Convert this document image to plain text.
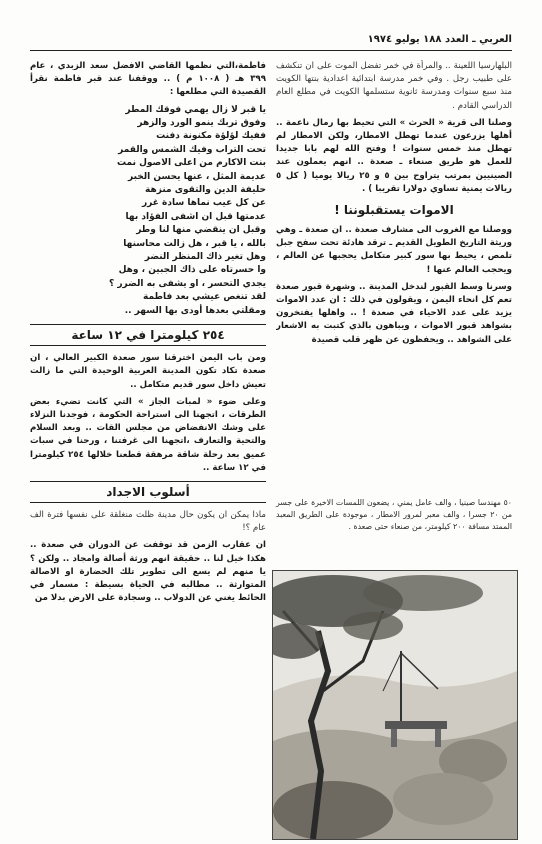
العربي ـ العدد ١٨٨ يوليو ١٩٧٤

البلهارسيا اللعينة .. والمرأة في خمر تفضل الموت على ان تنكشف على طبيب رجل . وفي خمر مدرسة ابتدائية اعدادية بنتها الكويت منذ سبع سنوات ومدرسة ثانوية ستسلمها الكويت في مطلع العام الدراسي القادم .

وصلنا الى قرية « الحرث » التي تحيط بها رمال ناعمة .. أهلها يزرعون عندما تهطل الامطار، ولكن الامطار لم تهطل منذ خمس سنوات ! وفتح الله لهم بابا جديدا للعمل هو طريق صنعاء ـ صعدة .. انهم يعملون عند الصينيين بمرتب يتراوح بين ٥ و ٢٥ ريالا يوميا ( كل ٥ ريالات يمنية تساوي دولارا تقريبا ) .

الاموات يستقبلوننا !

ووصلنا مع الغروب الى مشارف صعدة .. ان صعدة ـ وهي وريثة التاريخ الطويل القديم ـ ترقد هادئة تحت سفح جبل تلمص ، يحيط بها سور كبير متكامل يحجبها عن العالم ، ويحجب العالم عنها !

وسرنا وسط القبور لندخل المدينة .. وشهرة قبور صعدة تعم كل انحاء اليمن ، ويقولون في ذلك : ان عدد الاموات يزيد على عدد الاحياء في صعدة ! .. واهلها يفتخرون بشواهد قبور الاموات ، ويباهون بالذي كتبت به الاشعار على الشواهد .. ويحفظون عن ظهر قلب قصيدة

٥٠ مهندسا صينيا ، والف عامل يمني ، يضعون اللمسات الاخيرة على جسر من ٢٠ جسرا ، والف معبر لمرور الامطار ، موجودة على الطريق المعبد الممتد مسافة ٢٠٠ كيلومتر، من صنعاء حتى صعدة .

فاطمة،التي نظمها القاضي الافضل سعد الزبدي ، عام ٣٩٩ هـ ( ١٠٠٨ م ) .. ووقفنا عند قبر فاطمة نقرأ القصيدة التي مطلعها :

يا قبر لا زال يهمي فوقك المطر

وفوق تربك ينمو الورد والزهر

ففيك لؤلؤة مكنونة دفنت

تحت التراب وفيك الشمس والقمر

بنت الاكارم من اعلى الاصول نمت

عديمة المثل ، عنها يحسن الخبر

حليفة الدين والتقوى منزهة

عن كل عيب نماها سادة غرر

عدمتها قبل ان اشفى الفؤاد بها

وقبل ان ينقضي منها لنا وطر

بالله ، يا قبر ، هل زالت محاسنها

وهل تغير ذاك المنظر النضر

وا حسرتاه على ذاك الجبين ، وهل

يجدي التحسر ، او يشفى به الضرر ؟

لقد تنغص عيشي بعد فاطمة

ومقلتي بعدها أودى بها السهر ..

٢٥٤ كيلومترا في ١٢ ساعة

ومن باب اليمن اخترقنا سور صعدة الكبير العالي ، ان صعدة تكاد تكون المدينة العربية الوحيدة التي ما زالت تعيش داخل سور قديم متكامل ..

وعلى ضوء « لمبات الجاز » التي كانت تضيء بعض الطرقات ، اتجهنا الى استراحة الحكومة ، فوجدنا النزلاء على وشك الانفضاض من مجلس القات .. وبعد السلام والتحية والتعارف ،اتجهنا الى غرفتنا ، ورحنا في سبات عميق بعد رحلة شاقة مرهقة قطعنا خلالها ٢٥٤ كيلومترا في ١٢ ساعة ..

أسلوب الاجداد

ماذا يمكن ان يكون حال مدينة ظلت منغلقة على نفسها فترة الف عام ؟!

ان عقارب الزمن قد توقفت عن الدوران في صعدة .. هكذا خيل لنا .. حقيقة انهم ورثة أصالة وامجاد .. ولكن ؟ يا منهم لم يسع الى تطوير تلك الحضارة او الاصالة المتوارثة .. مطالبه في الحياة بسيطة : مسمار في الحائط يغني عن الدولاب .. وسجادة على الارض بدلا من
